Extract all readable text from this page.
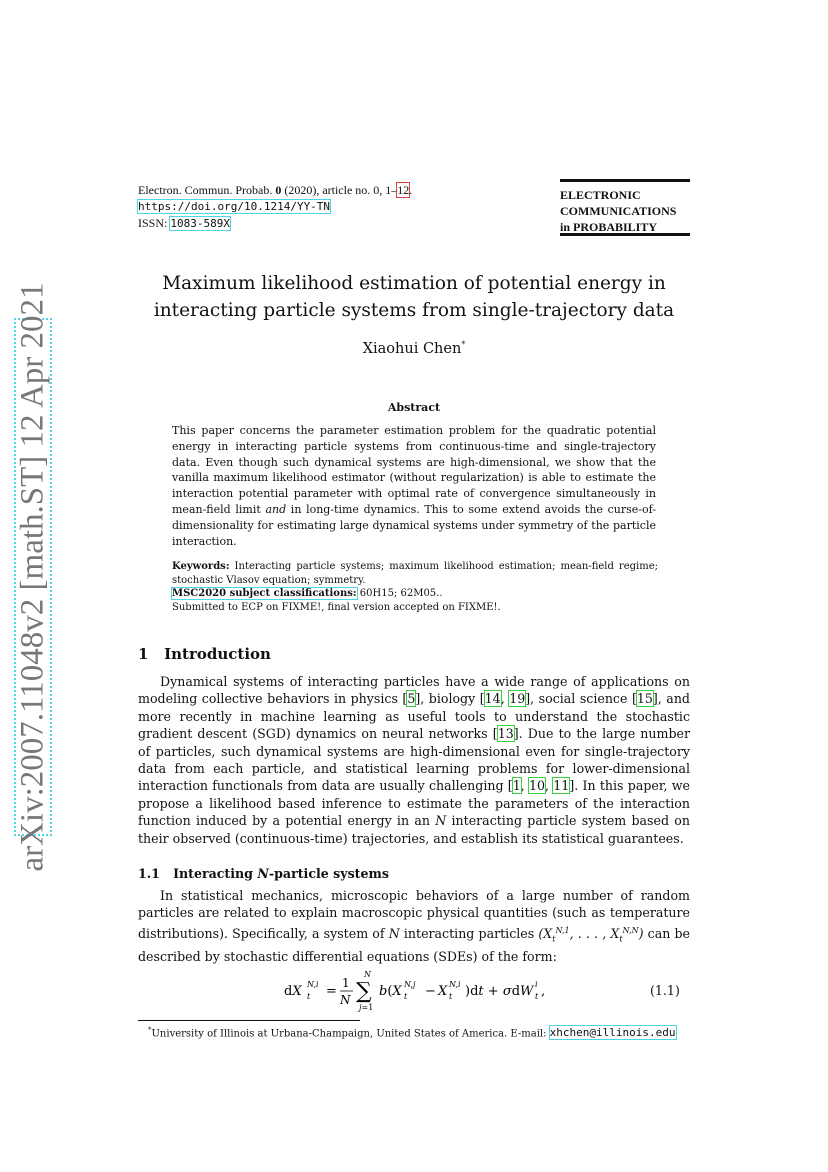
arXiv:2007.11048v2 [math.ST] 12 Apr 2021
Electron. Commun. Probab. 0 (2020), article no. 0, 1–12.
https://doi.org/10.1214/YY-TN
ISSN: 1083-589X
ELECTRONIC
COMMUNICATIONS
in PROBABILITY
Maximum likelihood estimation of potential energy in
interacting particle systems from single-trajectory data
Xiaohui Chen*
Abstract
This paper concerns the parameter estimation problem for the quadratic potential energy in interacting particle systems from continuous-time and single-trajectory data. Even though such dynamical systems are high-dimensional, we show that the vanilla maximum likelihood estimator (without regularization) is able to estimate the interaction potential parameter with optimal rate of convergence simultaneously in mean-field limit and in long-time dynamics. This to some extend avoids the curse-of-dimensionality for estimating large dynamical systems under symmetry of the particle interaction.
Keywords: Interacting particle systems; maximum likelihood estimation; mean-field regime; stochastic Vlasov equation; symmetry.
MSC2020 subject classifications: 60H15; 62M05..
Submitted to ECP on FIXME!, final version accepted on FIXME!.
1 Introduction
Dynamical systems of interacting particles have a wide range of applications on modeling collective behaviors in physics [5], biology [14, 19], social science [15], and more recently in machine learning as useful tools to understand the stochastic gradient descent (SGD) dynamics on neural networks [13]. Due to the large number of particles, such dynamical systems are high-dimensional even for single-trajectory data from each particle, and statistical learning problems for lower-dimensional interaction functionals from data are usually challenging [1, 10, 11]. In this paper, we propose a likelihood based inference to estimate the parameters of the interaction function induced by a potential energy in an N interacting particle system based on their observed (continuous-time) trajectories, and establish its statistical guarantees.
1.1 Interacting N-particle systems
In statistical mechanics, microscopic behaviors of a large number of random particles are related to explain macroscopic physical quantities (such as temperature distributions). Specifically, a system of N interacting particles ($X_t^{N,1}$, . . . , $X_t^{N,N}$) can be described by stochastic differential equations (SDEs) of the form:
dX t
N,i =
1
N
N
∑
j=1
b(X t
N,j − X t
N,i )dt + σdW t
i ,	(1.1)
*University of Illinois at Urbana-Champaign, United States of America. E-mail: xhchen@illinois.edu
